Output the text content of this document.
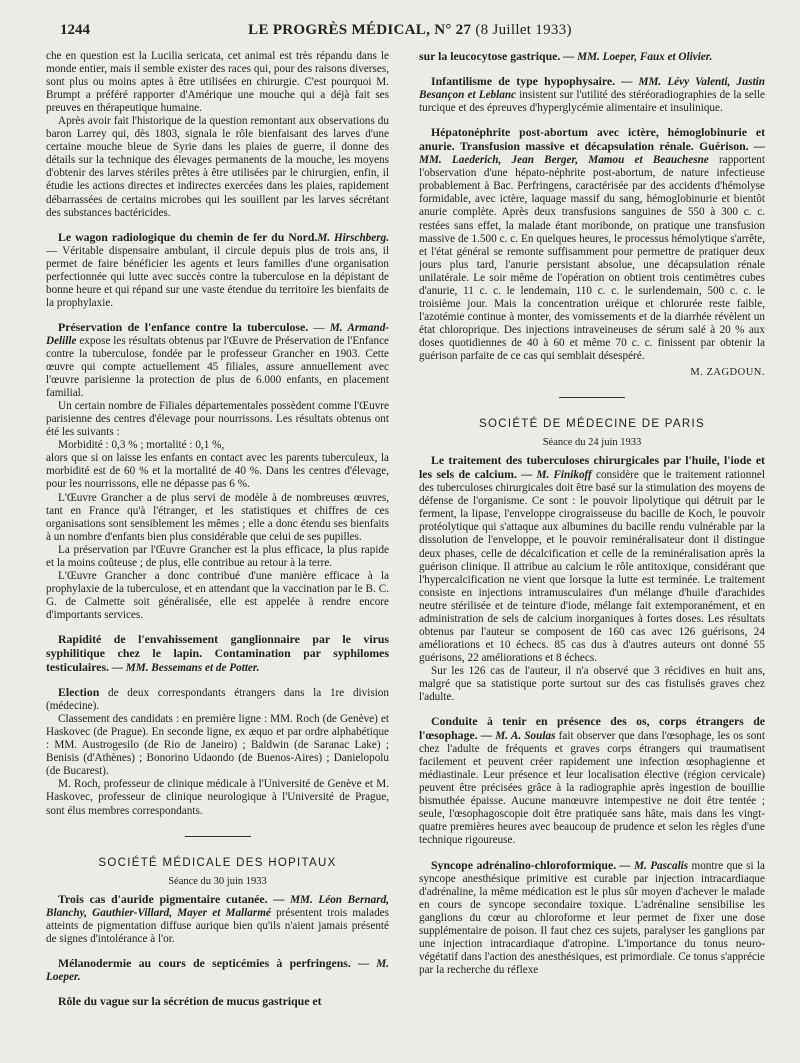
1244	LE PROGRÈS MÉDICAL, N° 27 (8 Juillet 1933)

che en question est la Lucilia sericata, cet animal est très répandu dans le monde entier, mais il semble exister des races qui, pour des raisons diverses, sont plus ou moins aptes à être utilisées en chirurgie. C'est pourquoi M. Brumpt a préféré rapporter d'Amérique une mouche qui a déjà fait ses preuves en thérapeutique humaine.

Après avoir fait l'historique de la question remontant aux observations du baron Larrey qui, dès 1803, signala le rôle bienfaisant des larves d'une certaine mouche bleue de Syrie dans les plaies de guerre, il donne des détails sur la technique des élevages permanents de la mouche, les moyens d'obtenir des larves stériles prêtes à être utilisées par le chirurgien, enfin, il étudie les actions directes et indirectes exercées dans les plaies, rapidement débarrassées de certains microbes qui les souillent par les larves sécrétant des substances bactéricides.

Le wagon radiologique du chemin de fer du Nord.M. Hirschberg. — Véritable dispensaire ambulant, il circule depuis plus de trois ans, il permet de faire bénéficier les agents et leurs familles d'une organisation perfectionnée qui lutte avec succès contre la tuberculose en la dépistant de bonne heure et qui répand sur une vaste étendue du territoire les bienfaits de la prophylaxie.

Préservation de l'enfance contre la tuberculose. — M. Armand-Delille expose les résultats obtenus par l'Œuvre de Préservation de l'Enfance contre la tuberculose, fondée par le professeur Grancher en 1903. Cette œuvre qui compte actuellement 45 filiales, assure annuellement avec l'œuvre parisienne la protection de plus de 6.000 enfants, en placement familial.

Un certain nombre de Filiales départementales possèdent comme l'Œuvre parisienne des centres d'élevage pour nourrissons. Les résultats obtenus ont été les suivants :

Morbidité : 0,3 % ; mortalité : 0,1 %,

alors que si on laisse les enfants en contact avec les parents tuberculeux, la morbidité est de 60 % et la mortalité de 40 %. Dans les centres d'élevage, pour les nourrissons, elle ne dépasse pas 6 %.

L'Œuvre Grancher a de plus servi de modèle à de nombreuses œuvres, tant en France qu'à l'étranger, et les statistiques et chiffres de ces organisations sont sensiblement les mêmes ; elle a donc étendu ses bienfaits à un nombre d'enfants bien plus considérable que celui de ses pupilles.

La préservation par l'Œuvre Grancher est la plus efficace, la plus rapide et la moins coûteuse ; de plus, elle contribue au retour à la terre.

L'Œuvre Grancher a donc contribué d'une manière efficace à la prophylaxie de la tuberculose, et en attendant que la vaccination par le B. C. G. de Calmette soit généralisée, elle est appelée à rendre encore d'importants services.

Rapidité de l'envahissement ganglionnaire par le virus syphilitique chez le lapin. Contamination par syphilomes testiculaires. — MM. Bessemans et de Potter.

Election de deux correspondants étrangers dans la 1re division (médecine).

Classement des candidats : en première ligne : MM. Roch (de Genève) et Haskovec (de Prague). En seconde ligne, ex æquo et par ordre alphabétique : MM. Austrogesilo (de Rio de Janeiro) ; Baldwin (de Saranac Lake) ; Benisis (d'Athènes) ; Bonorino Udaondo (de Buenos-Aires) ; Danielopolu (de Bucarest).

M. Roch, professeur de clinique médicale à l'Université de Genève et M. Haskovec, professeur de clinique neurologique à l'Université de Prague, sont élus membres correspondants.

SOCIÉTÉ MÉDICALE DES HOPITAUX
Séance du 30 juin 1933

Trois cas d'auride pigmentaire cutanée. — MM. Léon Bernard, Blanchy, Gauthier-Villard, Mayer et Mallarmé présentent trois malades atteints de pigmentation diffuse aurique bien qu'ils n'aient jamais présenté de signes d'intolérance à l'or.

Mélanodermie au cours de septicémies à perfringens. — M. Loeper.

Rôle du vague sur la sécrétion de mucus gastrique et

sur la leucocytose gastrique. — MM. Loeper, Faux et Olivier.

Infantilisme de type hypophysaire. — MM. Lévy Valenti, Justin Besançon et Leblanc insistent sur l'utilité des stéréoradiographies de la selle turcique et des épreuves d'hyperglycémie alimentaire et insulinique.

Hépatonéphrite post-abortum avec ictère, hémoglobinurie et anurie. Transfusion massive et décapsulation rénale. Guérison. — MM. Laederich, Jean Berger, Mamou et Beauchesne rapportent l'observation d'une hépato-néphrite post-abortum, de nature infectieuse probablement à Bac. Perfringens, caractérisée par des accidents d'hémolyse formidable, avec ictère, laquage massif du sang, hémoglobinurie et bientôt anurie complète. Après deux transfusions sanguines de 550 à 300 c. c. restées sans effet, la malade étant moribonde, on pratique une transfusion massive de 1.500 c. c. En quelques heures, le processus hémolytique s'arrête, et l'état général se remonte suffisamment pour permettre de pratiquer deux jours plus tard, l'anurie persistant absolue, une décapsulation rénale unilatérale. Le soir même de l'opération on obtient trois centimètres cubes d'anurie, 11 c. c. le lendemain, 110 c. c. le surlendemain, 500 c. c. le troisième jour. Mais la concentration uréique et chlorurée reste faible, l'azotémie continue à monter, des vomissements et de la diarrhée révèlent un état chloroprique. Des injections intraveineuses de sérum salé à 20 % aux doses quotidiennes de 40 à 60 et même 70 c. c. finissent par obtenir la guérison parfaite de ce cas qui semblait désespéré.

M. ZAGDOUN.
SOCIÉTÉ DE MÉDECINE DE PARIS
Séance du 24 juin 1933

Le traitement des tuberculoses chirurgicales par l'huile, l'iode et les sels de calcium. — M. Finikoff considère que le traitement rationnel des tuberculoses chirurgicales doit être basé sur la stimulation des moyens de défense de l'organisme. Ce sont : le pouvoir lipolytique qui détruit par le ferment, la lipase, l'enveloppe cirograisseuse du bacille de Koch, le pouvoir protéolytique qui s'attaque aux albumines du bacille rendu vulnérable par la dissolution de l'enveloppe, et le pouvoir reminéralisateur dont il distingue deux phases, celle de décalcification et celle de la reminéralisation après la guérison clinique. Il attribue au calcium le rôle antitoxique, considérant que l'hypercalcification ne vient que lorsque la lutte est terminée. Le traitement consiste en injections intramusculaires d'un mélange d'huile d'arachides neutre stérilisée et de teinture d'iode, mélange fait extemporanément, et en administration de sels de calcium inorganiques à fortes doses. Les résultats obtenus par l'auteur se composent de 160 cas avec 126 guérisons, 24 améliorations et 10 échecs. 85 cas dus à d'autres auteurs ont donné 55 guérisons, 22 améliorations et 8 échecs.

Sur les 126 cas de l'auteur, il n'a observé que 3 récidives en huit ans, malgré que sa statistique porte surtout sur des cas fistulisés graves chez l'adulte.

Conduite à tenir en présence des os, corps étrangers de l'œsophage. — M. A. Soulas fait observer que dans l'œsophage, les os sont chez l'adulte de fréquents et graves corps étrangers qui traumatisent facilement et peuvent créer rapidement une infection œsophagienne et médiastinale. Leur présence et leur localisation élective (région cervicale) peuvent être précisées grâce à la radiographie après ingestion de bouillie bismuthée épaisse. Aucune manœuvre intempestive ne doit être tentée ; seule, l'œsophagoscopie doit être pratiquée sans hâte, mais dans les vingt-quatre premières heures avec beaucoup de prudence et selon les règles d'une technique rigoureuse.

Syncope adrénalino-chloroformique. — M. Pascalis montre que si la syncope anesthésique primitive est curable par injection intracardiaque d'adrénaline, la même médication est le plus sûr moyen d'achever le malade en cours de syncope secondaire toxique. L'adrénaline sensibilise les ganglions du cœur au chloroforme et leur permet de fixer une dose supplémentaire de poison. Il faut chez ces sujets, paralyser les ganglions par une injection intracardiaque d'atropine. L'importance du tonus neuro-végétatif dans l'action des anesthésiques, est primordiale. Ce tonus s'apprécie par la recherche du réflexe
